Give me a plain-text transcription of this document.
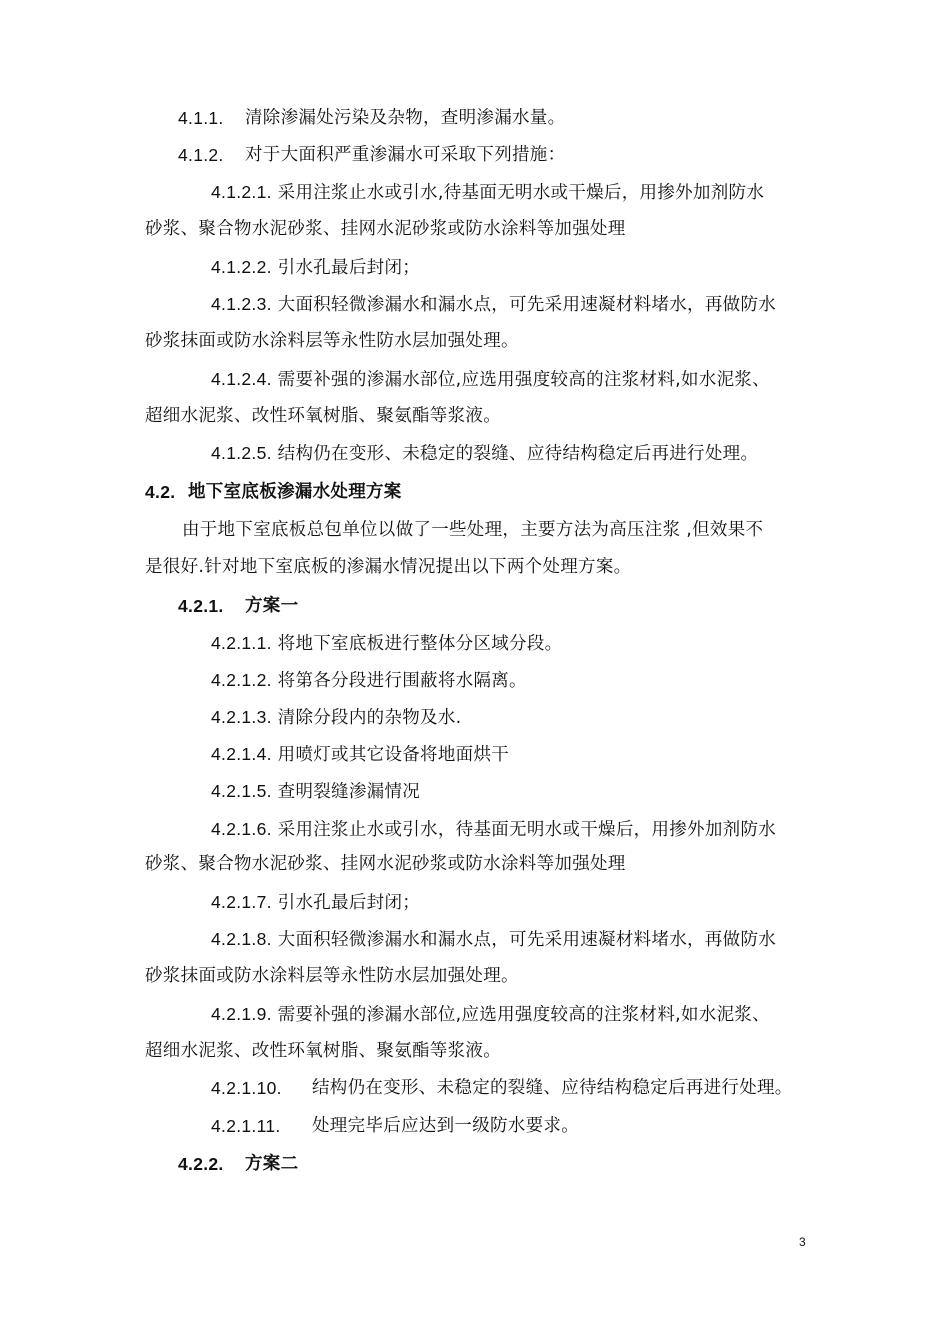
4.1.1. 清除渗漏处污染及杂物，查明渗漏水量。
4.1.2. 对于大面积严重渗漏水可采取下列措施：
4.1.2.1. 采用注浆止水或引水,待基面无明水或干燥后，用掺外加剂防水
砂浆、聚合物水泥砂浆、挂网水泥砂浆或防水涂料等加强处理
4.1.2.2. 引水孔最后封闭；
4.1.2.3. 大面积轻微渗漏水和漏水点，可先采用速凝材料堵水，再做防水
砂浆抹面或防水涂料层等永性防水层加强处理。
4.1.2.4. 需要补强的渗漏水部位,应选用强度较高的注浆材料,如水泥浆、
超细水泥浆、改性环氧树脂、聚氨酯等浆液。
4.1.2.5. 结构仍在变形、未稳定的裂缝、应待结构稳定后再进行处理。
4.2. 地下室底板渗漏水处理方案
由于地下室底板总包单位以做了一些处理，主要方法为高压注浆 ,但效果不
是很好.针对地下室底板的渗漏水情况提出以下两个处理方案。
4.2.1. 方案一
4.2.1.1. 将地下室底板进行整体分区域分段。
4.2.1.2. 将第各分段进行围蔽将水隔离。
4.2.1.3. 清除分段内的杂物及水.
4.2.1.4. 用喷灯或其它设备将地面烘干
4.2.1.5. 查明裂缝渗漏情况
4.2.1.6. 采用注浆止水或引水，待基面无明水或干燥后，用掺外加剂防水
砂浆、聚合物水泥砂浆、挂网水泥砂浆或防水涂料等加强处理
4.2.1.7. 引水孔最后封闭；
4.2.1.8. 大面积轻微渗漏水和漏水点，可先采用速凝材料堵水，再做防水
砂浆抹面或防水涂料层等永性防水层加强处理。
4.2.1.9. 需要补强的渗漏水部位,应选用强度较高的注浆材料,如水泥浆、
超细水泥浆、改性环氧树脂、聚氨酯等浆液。
4.2.1.10. 结构仍在变形、未稳定的裂缝、应待结构稳定后再进行处理。
4.2.1.11. 处理完毕后应达到一级防水要求。
4.2.2. 方案二
3
